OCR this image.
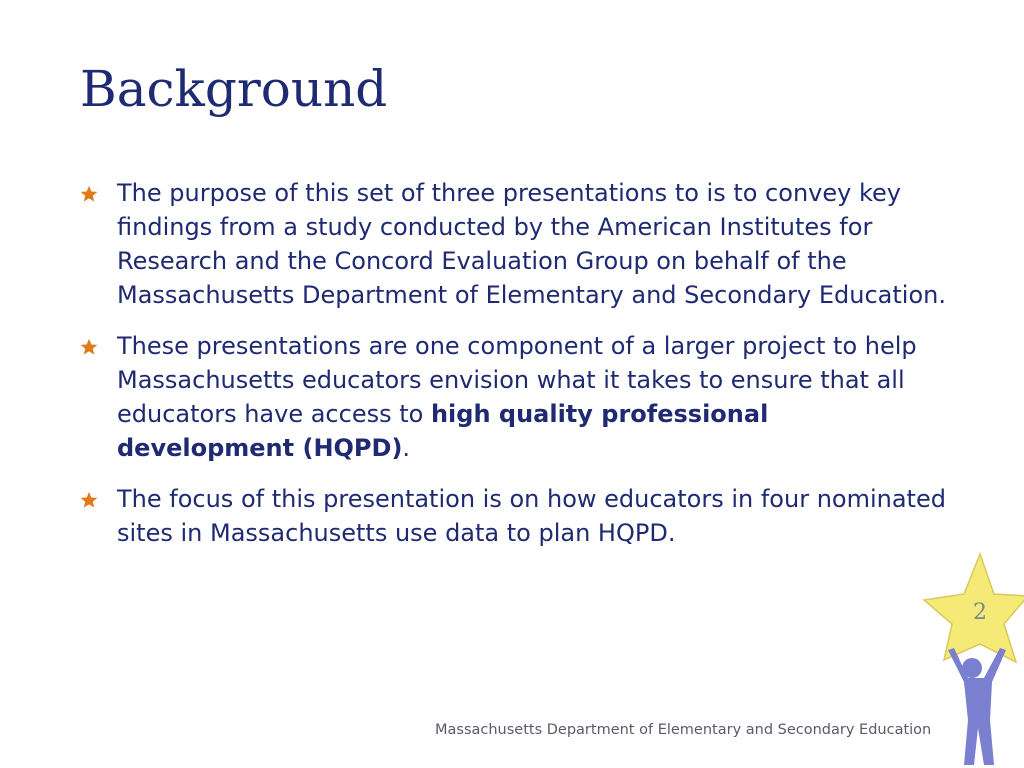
Background
The purpose of this set of three presentations to is to convey key findings from a study conducted by the American Institutes for Research and the Concord Evaluation Group on behalf of the Massachusetts Department of Elementary and Secondary Education.
These presentations are one component of a larger project to help Massachusetts educators envision what it takes to ensure that all educators have access to high quality professional development (HQPD).
The focus of this presentation is on how educators in four nominated sites in Massachusetts use data to plan HQPD.
2
Massachusetts Department of Elementary and Secondary Education
